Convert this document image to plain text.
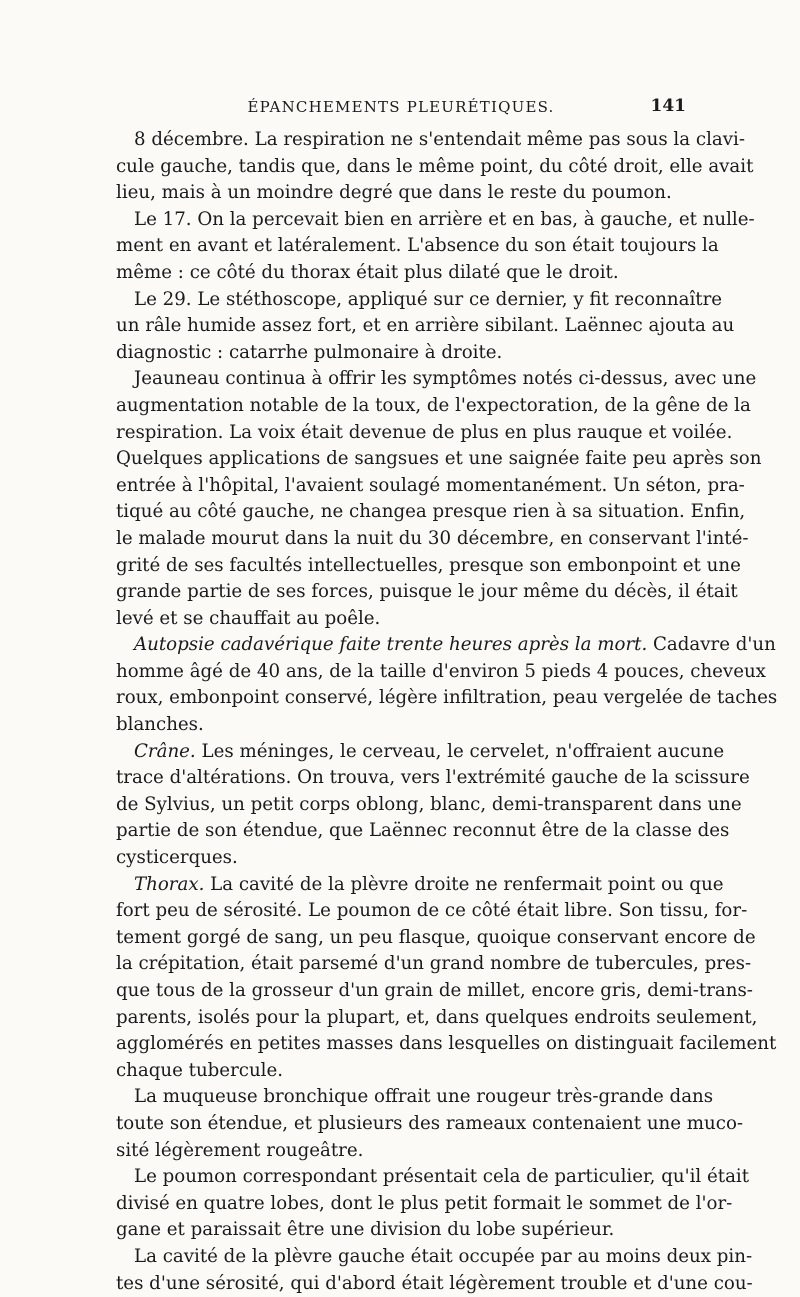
ÉPANCHEMENTS PLEURÉTIQUES.	141
8 décembre. La respiration ne s'entendait même pas sous la clavi-
cule gauche, tandis que, dans le même point, du côté droit, elle avait
lieu, mais à un moindre degré que dans le reste du poumon.
Le 17. On la percevait bien en arrière et en bas, à gauche, et nulle-
ment en avant et latéralement. L'absence du son était toujours la
même : ce côté du thorax était plus dilaté que le droit.
Le 29. Le stéthoscope, appliqué sur ce dernier, y fit reconnaître
un râle humide assez fort, et en arrière sibilant. Laënnec ajouta au
diagnostic : catarrhe pulmonaire à droite.
Jeauneau continua à offrir les symptômes notés ci-dessus, avec une
augmentation notable de la toux, de l'expectoration, de la gêne de la
respiration. La voix était devenue de plus en plus rauque et voilée.
Quelques applications de sangsues et une saignée faite peu après son
entrée à l'hôpital, l'avaient soulagé momentanément. Un séton, pra-
tiqué au côté gauche, ne changea presque rien à sa situation. Enfin,
le malade mourut dans la nuit du 30 décembre, en conservant l'inté-
grité de ses facultés intellectuelles, presque son embonpoint et une
grande partie de ses forces, puisque le jour même du décès, il était
levé et se chauffait au poêle.
Autopsie cadavérique faite trente heures après la mort. Cadavre d'un
homme âgé de 40 ans, de la taille d'environ 5 pieds 4 pouces, cheveux
roux, embonpoint conservé, légère infiltration, peau vergelée de taches
blanches.
Crâne. Les méninges, le cerveau, le cervelet, n'offraient aucune
trace d'altérations. On trouva, vers l'extrémité gauche de la scissure
de Sylvius, un petit corps oblong, blanc, demi-transparent dans une
partie de son étendue, que Laënnec reconnut être de la classe des
cysticerques.
Thorax. La cavité de la plèvre droite ne renfermait point ou que
fort peu de sérosité. Le poumon de ce côté était libre. Son tissu, for-
tement gorgé de sang, un peu flasque, quoique conservant encore de
la crépitation, était parsemé d'un grand nombre de tubercules, pres-
que tous de la grosseur d'un grain de millet, encore gris, demi-trans-
parents, isolés pour la plupart, et, dans quelques endroits seulement,
agglomérés en petites masses dans lesquelles on distinguait facilement
chaque tubercule.
La muqueuse bronchique offrait une rougeur très-grande dans
toute son étendue, et plusieurs des rameaux contenaient une muco-
sité légèrement rougeâtre.
Le poumon correspondant présentait cela de particulier, qu'il était
divisé en quatre lobes, dont le plus petit formait le sommet de l'or-
gane et paraissait être une division du lobe supérieur.
La cavité de la plèvre gauche était occupée par au moins deux pin-
tes d'une sérosité, qui d'abord était légèrement trouble et d'une cou-
